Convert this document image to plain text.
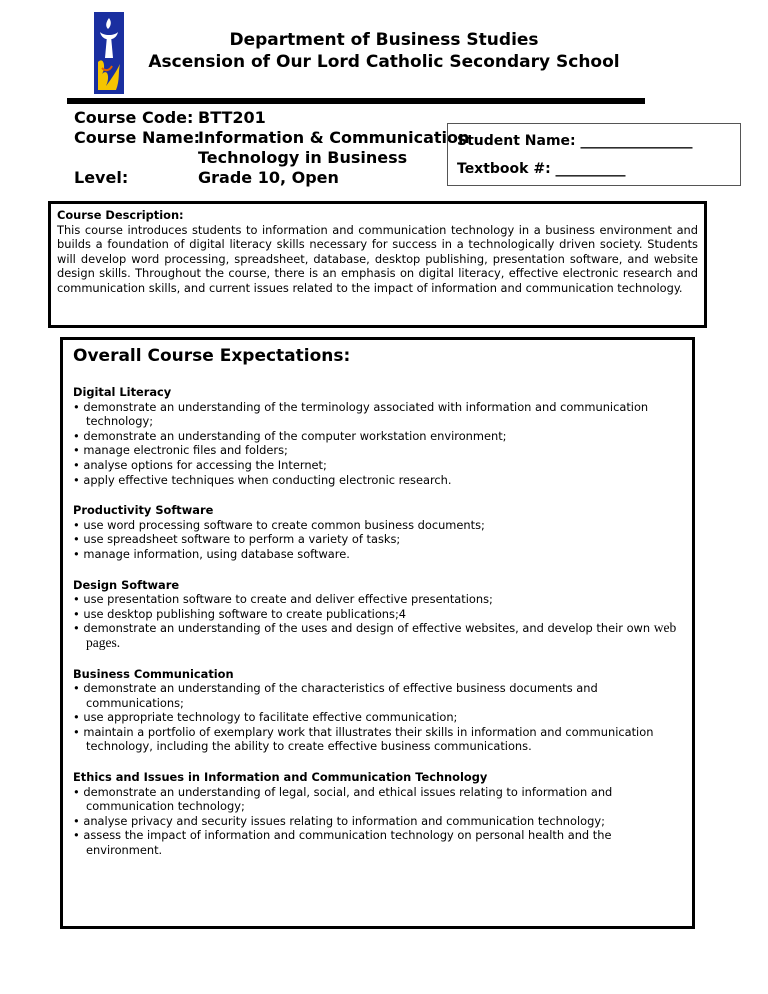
Department of Business Studies
Ascension of Our Lord Catholic Secondary School
Course Code: BTT201
Course Name:
Information & Communication
Technology in Business
Level:	Grade 10, Open
Student Name: ________________
Textbook #: __________
Course Description:
This course introduces students to information and communication technology in a business environment and builds a foundation of digital literacy skills necessary for success in a technologically driven society. Students will develop word processing, spreadsheet, database, desktop publishing, presentation software, and website design skills. Throughout the course, there is an emphasis on digital literacy, effective electronic research and communication skills, and current issues related to the impact of information and communication technology.
Overall Course Expectations:
Digital Literacy
• demonstrate an understanding of the terminology associated with information and communication technology;
• demonstrate an understanding of the computer workstation environment;
• manage electronic files and folders;
• analyse options for accessing the Internet;
• apply effective techniques when conducting electronic research.
Productivity Software
• use word processing software to create common business documents;
• use spreadsheet software to perform a variety of tasks;
• manage information, using database software.
Design Software
• use presentation software to create and deliver effective presentations;
• use desktop publishing software to create publications;4
• demonstrate an understanding of the uses and design of effective websites, and develop their own web pages.
Business Communication
• demonstrate an understanding of the characteristics of effective business documents and communications;
• use appropriate technology to facilitate effective communication;
• maintain a portfolio of exemplary work that illustrates their skills in information and communication technology, including the ability to create effective business communications.
Ethics and Issues in Information and Communication Technology
• demonstrate an understanding of legal, social, and ethical issues relating to information and communication technology;
• analyse privacy and security issues relating to information and communication technology;
• assess the impact of information and communication technology on personal health and the environment.
